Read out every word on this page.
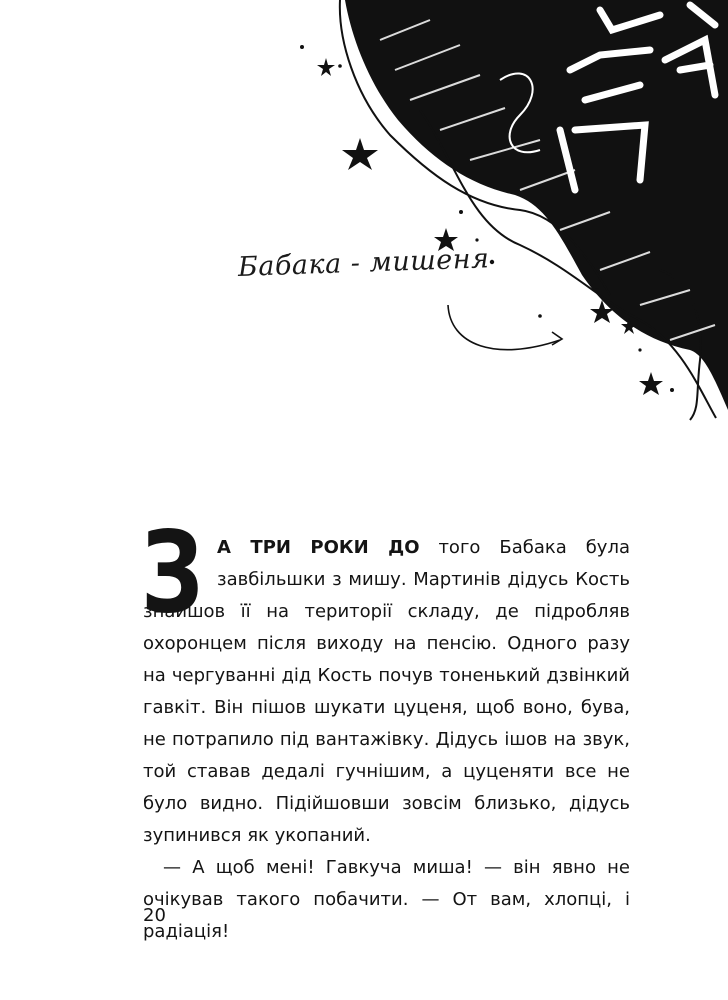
Бабака - мишеня

З А ТРИ РОКИ ДО того Бабака була завбільшки з мишу. Мартинів дідусь Кость знайшов її на території складу, де підробляв охоронцем після виходу на пенсію. Одного разу на чергуванні дід Кость почув тоненький дзвінкий гавкіт. Він пішов шукати цуценя, щоб воно, бува, не потрапило під вантажівку. Дідусь ішов на звук, той ставав дедалі гучнішим, а цуценяти все не було видно. Підійшовши зовсім близько, дідусь зупинився як укопаний.

— А щоб мені! Гавкуча миша! — він явно не очікував такого побачити. — От вам, хлопці, і радіація!

20
